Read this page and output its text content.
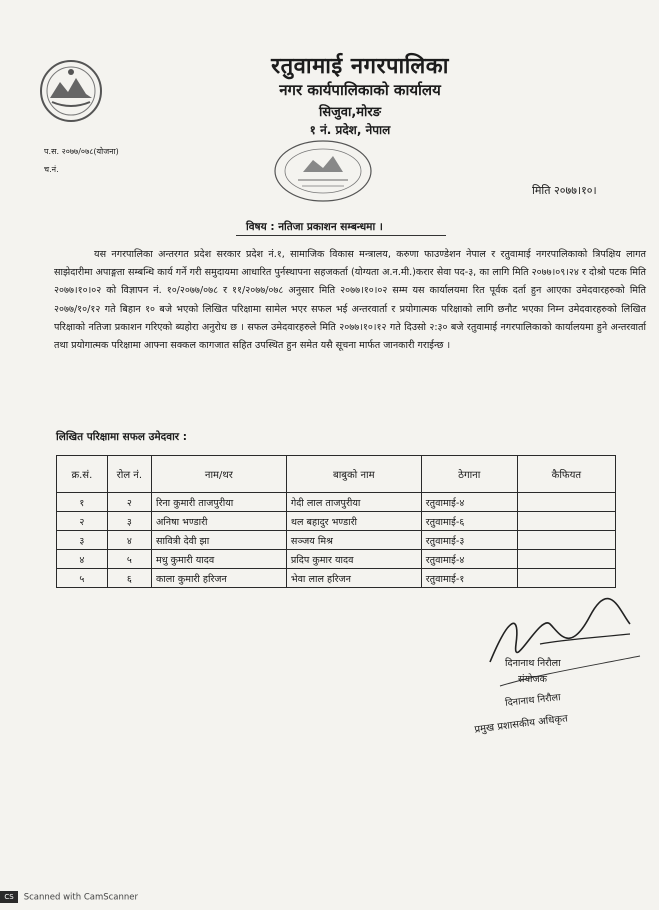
रतुवामाई नगरपालिका
नगर कार्यपालिकाको कार्यालय
सिजुवा,मोरङ
१ नं. प्रदेश, नेपाल
प.स. २०७७/०७८(योजना)
च.नं.
मिति २०७७।१०।
विषय : नतिजा प्रकाशन सम्बन्धमा ।
यस नगरपालिका अन्तरगत प्रदेश सरकार प्रदेश नं.१, सामाजिक विकास मन्त्रालय, करुणा फाउण्डेशन नेपाल र रतुवामाई नगरपालिकाको त्रिपक्षिय लागत साझेदारीमा अपाङ्गता सम्बन्धि कार्य गर्ने गरी समुदायमा आधारित पुर्नस्थापना सहजकर्ता (योग्यता अ.न.मी.)करार सेवा पद-३, का लागि मिति २०७७।०९।२४ र दोश्रो पटक मिति २०७७।१०।०२ को विज्ञापन नं. १०/२०७७/०७८ र ११/२०७७/०७८ अनुसार मिति २०७७।१०।०२ सम्म यस कार्यालयमा रित पूर्वक दर्ता हुन आएका उमेदवारहरुको मिति २०७७/१०/१२ गते बिहान १० बजे भएको लिखित परिक्षामा सामेल भएर सफल भई अन्तरवार्ता र प्रयोगात्मक परिक्षाको लागि छनौट भएका निम्न उमेदवारहरुको लिखित परिक्षाको नतिजा प्रकाशन गरिएको ब्यहोरा अनुरोध छ । सफल उमेदवारहरुले मिति २०७७।१०।१२ गते दिउसो २:३० बजे रतुवामाई नगरपालिकाको कार्यालयमा हुने अन्तरवार्ता तथा प्रयोगात्मक परिक्षामा आफ्ना सक्कल कागजात सहित उपस्थित हुन समेत यसै सूचना मार्फत जानकारी गराईन्छ ।
लिखित परिक्षामा सफल उमेदवार :
क्र.सं.	रोल नं.	नाम/थर	बाबुको नाम	ठेगाना	कैफियत
१	२	रिना कुमारी ताजपुरीया	गेदी लाल ताजपुरीया	रतुवामाई-४	
२	३	अनिषा भण्डारी	थल बहादुर भण्डारी	रतुवामाई-६	
३	४	सावित्री देवी झा	सञ्जय मिश्र	रतुवामाई-३	
४	५	मधु कुमारी यादव	प्रदिप कुमार यादव	रतुवामाई-४	
५	६	काला कुमारी हरिजन	भेवा लाल हरिजन	रतुवामाई-१	
दिनानाथ निरौला
संयोजक
दिनानाथ निरौला
प्रमुख प्रशासकीय अधिकृत
CS Scanned with CamScanner
